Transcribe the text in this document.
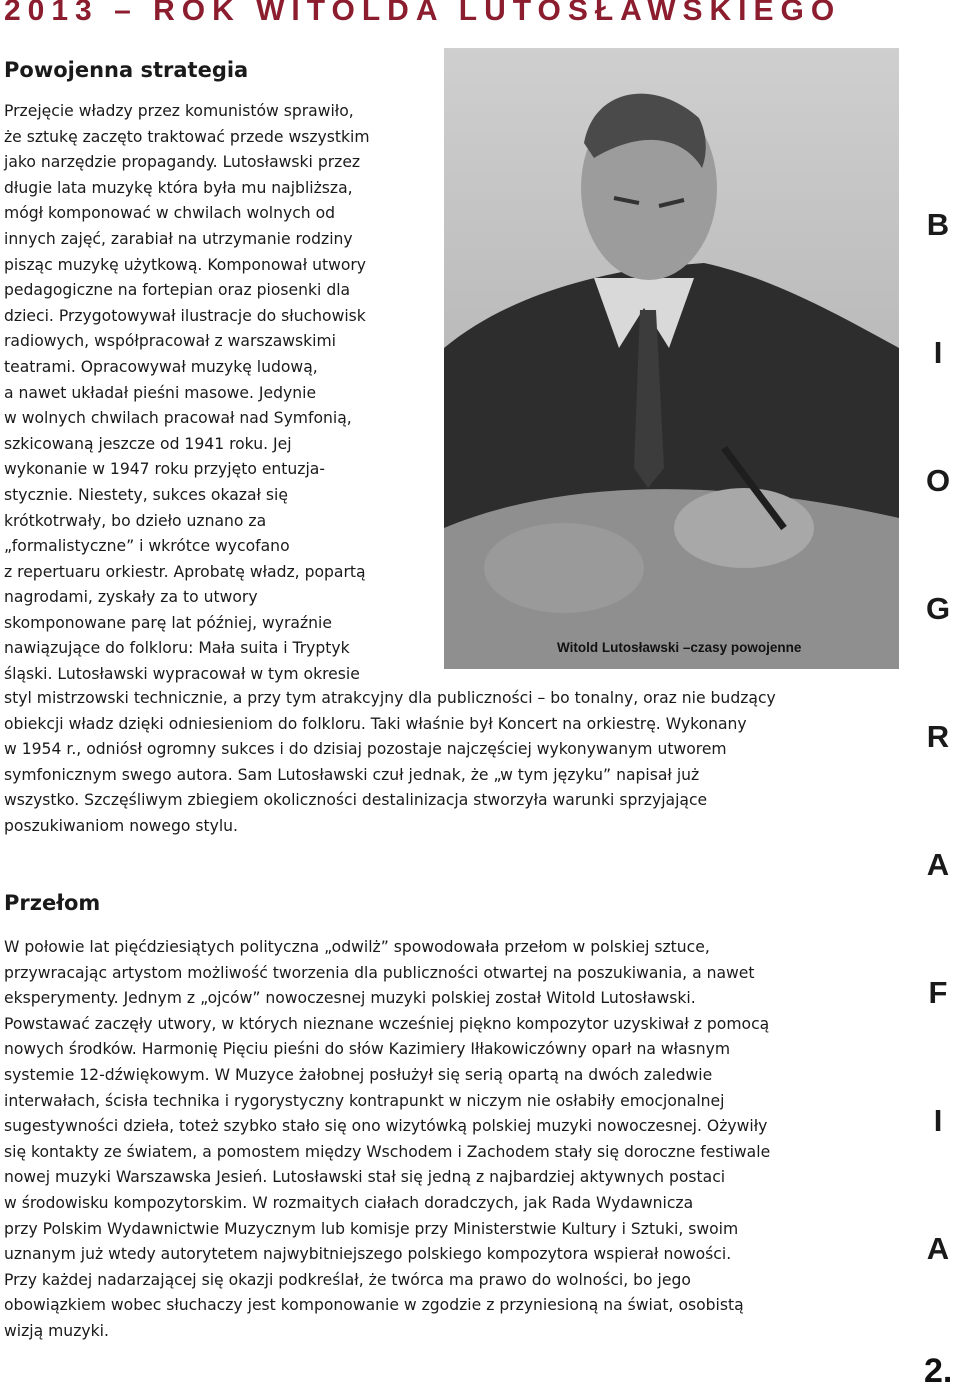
2013 – ROK WITOLDA LUTOSŁAWSKIEGO
Powojenna strategia
Przejęcie władzy przez komunistów sprawiło,
że sztukę zaczęto traktować przede wszystkim
jako narzędzie propagandy. Lutosławski przez
długie lata muzykę która była mu najbliższa,
mógł komponować w chwilach wolnych od
innych zajęć, zarabiał na utrzymanie rodziny
pisząc muzykę użytkową. Komponował utwory
pedagogiczne na fortepian oraz piosenki dla
dzieci. Przygotowywał ilustracje do słuchowisk
radiowych, współpracował z warszawskimi
teatrami. Opracowywał muzykę ludową,
a nawet układał pieśni masowe. Jedynie
w wolnych chwilach pracował nad Symfonią,
szkicowaną jeszcze od 1941 roku. Jej
wykonanie w 1947 roku przyjęto entuzja-
stycznie. Niestety, sukces okazał się
krótkotrwały, bo dzieło uznano za
„formalistyczne” i wkrótce wycofano
z repertuaru orkiestr. Aprobatę władz, popartą
nagrodami, zyskały za to utwory
skomponowane parę lat później, wyraźnie
nawiązujące do folkloru: Mała suita i Tryptyk
śląski. Lutosławski wypracował w tym okresie
Witold Lutosławski –czasy powojenne
styl mistrzowski technicznie, a przy tym atrakcyjny dla publiczności – bo tonalny, oraz nie budzący
obiekcji władz dzięki odniesieniom do folkloru. Taki właśnie był Koncert na orkiestrę. Wykonany
w 1954 r., odniósł ogromny sukces i do dzisiaj pozostaje najczęściej wykonywanym utworem
symfonicznym swego autora. Sam Lutosławski czuł jednak, że „w tym języku” napisał już
wszystko. Szczęśliwym zbiegiem okoliczności destalinizacja stworzyła warunki sprzyjające
poszukiwaniom nowego stylu.
Przełom
W połowie lat pięćdziesiątych polityczna „odwilż” spowodowała przełom w polskiej sztuce,
przywracając artystom możliwość tworzenia dla publiczności otwartej na poszukiwania, a nawet
eksperymenty. Jednym z „ojców” nowoczesnej muzyki polskiej został Witold Lutosławski.
Powstawać zaczęły utwory, w których nieznane wcześniej piękno kompozytor uzyskiwał z pomocą
nowych środków. Harmonię Pięciu pieśni do słów Kazimiery Iłłakowiczówny oparł na własnym
systemie 12-dźwiękowym. W Muzyce żałobnej posłużył się serią opartą na dwóch zaledwie
interwałach, ścisła technika i rygorystyczny kontrapunkt w niczym nie osłabiły emocjonalnej
sugestywności dzieła, toteż szybko stało się ono wizytówką polskiej muzyki nowoczesnej. Ożywiły
się kontakty ze światem, a pomostem między Wschodem i Zachodem stały się doroczne festiwale
nowej muzyki Warszawska Jesień. Lutosławski stał się jedną z najbardziej aktywnych postaci
w środowisku kompozytorskim. W rozmaitych ciałach doradczych, jak Rada Wydawnicza
przy Polskim Wydawnictwie Muzycznym lub komisje przy Ministerstwie Kultury i Sztuki, swoim
uznanym już wtedy autorytetem najwybitniejszego polskiego kompozytora wspierał nowości.
Przy każdej nadarzającej się okazji podkreślał, że twórca ma prawo do wolności, bo jego
obowiązkiem wobec słuchaczy jest komponowanie w zgodzie z przyniesioną na świat, osobistą
wizją muzyki.
B
I
O
G
R
A
F
I
A
2.
